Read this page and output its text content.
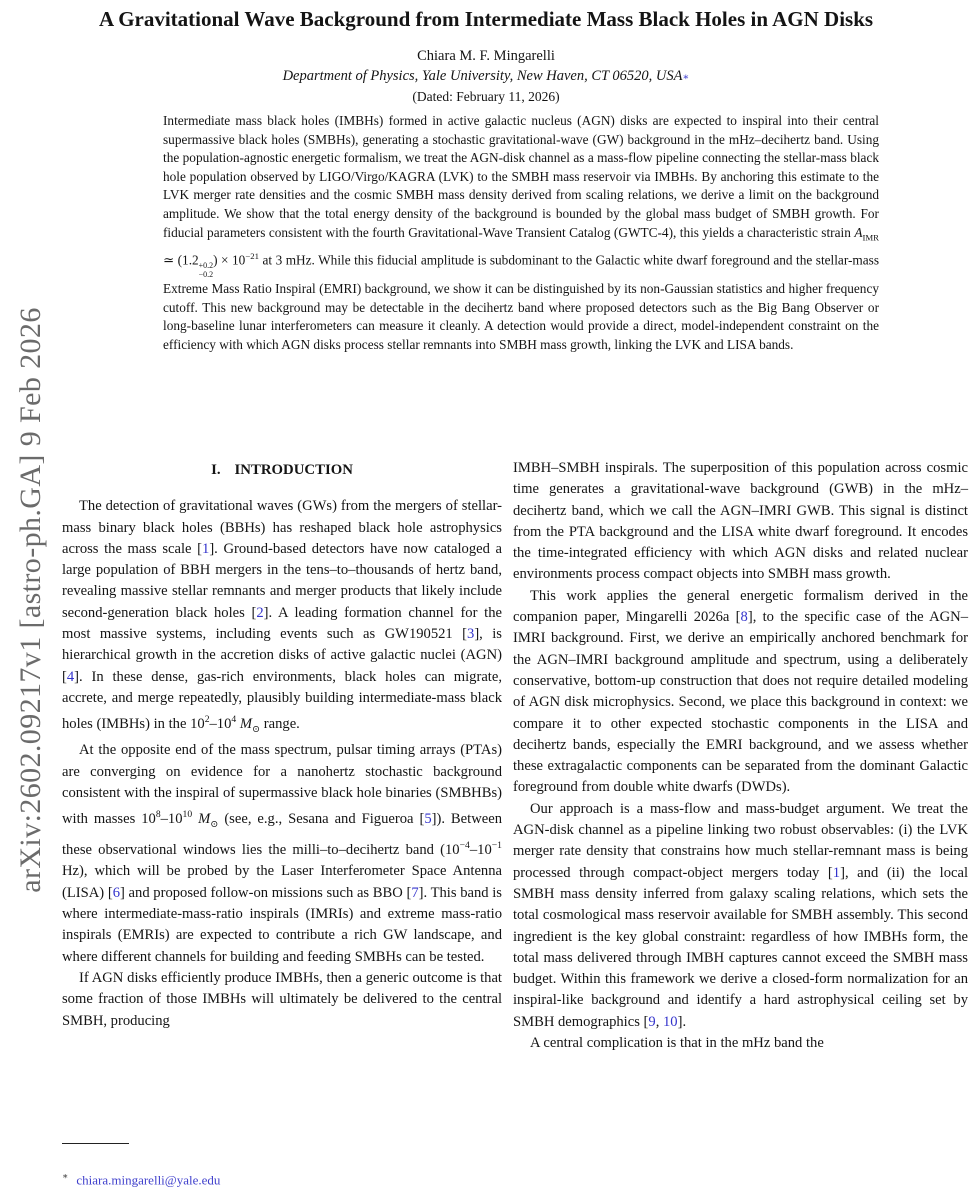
arXiv:2602.09217v1 [astro-ph.GA] 9 Feb 2026
A Gravitational Wave Background from Intermediate Mass Black Holes in AGN Disks
Chiara M. F. Mingarelli
Department of Physics, Yale University, New Haven, CT 06520, USA∗
(Dated: February 11, 2026)
Intermediate mass black holes (IMBHs) formed in active galactic nucleus (AGN) disks are expected to inspiral into their central supermassive black holes (SMBHs), generating a stochastic gravitational-wave (GW) background in the mHz–decihertz band. Using the population-agnostic energetic formalism, we treat the AGN-disk channel as a mass-flow pipeline connecting the stellar-mass black hole population observed by LIGO/Virgo/KAGRA (LVK) to the SMBH mass reservoir via IMBHs. By anchoring this estimate to the LVK merger rate densities and the cosmic SMBH mass density derived from scaling relations, we derive a limit on the background amplitude. We show that the total energy density of the background is bounded by the global mass budget of SMBH growth. For fiducial parameters consistent with the fourth Gravitational-Wave Transient Catalog (GWTC-4), this yields a characteristic strain $A_{IMR}$ ≃ (1.2 +0.2
−0.2
) × $10^{-21}$ at 3 mHz. While this fiducial amplitude is subdominant to the Galactic white dwarf foreground and the stellar-mass Extreme Mass Ratio Inspiral (EMRI) background, we show it can be distinguished by its non-Gaussian statistics and higher frequency cutoff. This new background may be detectable in the decihertz band where proposed detectors such as the Big Bang Observer or long-baseline lunar interferometers can measure it cleanly. A detection would provide a direct, model-independent constraint on the efficiency with which AGN disks process stellar remnants into SMBH mass growth, linking the LVK and LISA bands.
I. INTRODUCTION

The detection of gravitational waves (GWs) from the mergers of stellar-mass binary black holes (BBHs) has reshaped black hole astrophysics across the mass scale [1]. Ground-based detectors have now cataloged a large population of BBH mergers in the tens–to–thousands of hertz band, revealing massive stellar remnants and merger products that likely include second-generation black holes [2]. A leading formation channel for the most massive systems, including events such as GW190521 [3], is hierarchical growth in the accretion disks of active galactic nuclei (AGN) [4]. In these dense, gas-rich environments, black holes can migrate, accrete, and merge repeatedly, plausibly building intermediate-mass black holes (IMBHs) in the $10^2-10^4$ $M_⊙$ range.

At the opposite end of the mass spectrum, pulsar timing arrays (PTAs) are converging on evidence for a nanohertz stochastic background consistent with the inspiral of supermassive black hole binaries (SMBHBs) with masses $10^8-10^{10}$ $M_⊙$ (see, e.g., Sesana and Figueroa [5]). Between these observational windows lies the milli–to–decihertz band ($10^{-4}-10^{-1}$ Hz), which will be probed by the Laser Interferometer Space Antenna (LISA) [6] and proposed follow-on missions such as BBO [7]. This band is where intermediate-mass-ratio inspirals (IMRIs) and extreme mass-ratio inspirals (EMRIs) are expected to contribute a rich GW landscape, and where different channels for building and feeding SMBHs can be tested.

If AGN disks efficiently produce IMBHs, then a generic outcome is that some fraction of those IMBHs will ultimately be delivered to the central SMBH, producing

IMBH–SMBH inspirals. The superposition of this population across cosmic time generates a gravitational-wave background (GWB) in the mHz–decihertz band, which we call the AGN–IMRI GWB. This signal is distinct from the PTA background and the LISA white dwarf foreground. It encodes the time-integrated efficiency with which AGN disks and related nuclear environments process compact objects into SMBH mass growth.

This work applies the general energetic formalism derived in the companion paper, Mingarelli 2026a [8], to the specific case of the AGN–IMRI background. First, we derive an empirically anchored benchmark for the AGN–IMRI background amplitude and spectrum, using a deliberately conservative, bottom-up construction that does not require detailed modeling of AGN disk microphysics. Second, we place this background in context: we compare it to other expected stochastic components in the LISA and decihertz bands, especially the EMRI background, and we assess whether these extragalactic components can be separated from the dominant Galactic foreground from double white dwarfs (DWDs).

Our approach is a mass-flow and mass-budget argument. We treat the AGN-disk channel as a pipeline linking two robust observables: (i) the LVK merger rate density that constrains how much stellar-remnant mass is being processed through compact-object mergers today [1], and (ii) the local SMBH mass density inferred from galaxy scaling relations, which sets the total cosmological mass reservoir available for SMBH assembly. This second ingredient is the key global constraint: regardless of how IMBHs form, the total mass delivered through IMBH captures cannot exceed the SMBH mass budget. Within this framework we derive a closed-form normalization for an inspiral-like background and identify a hard astrophysical ceiling set by SMBH demographics [9, 10].

A central complication is that in the mHz band the

∗ chiara.mingarelli@yale.edu
